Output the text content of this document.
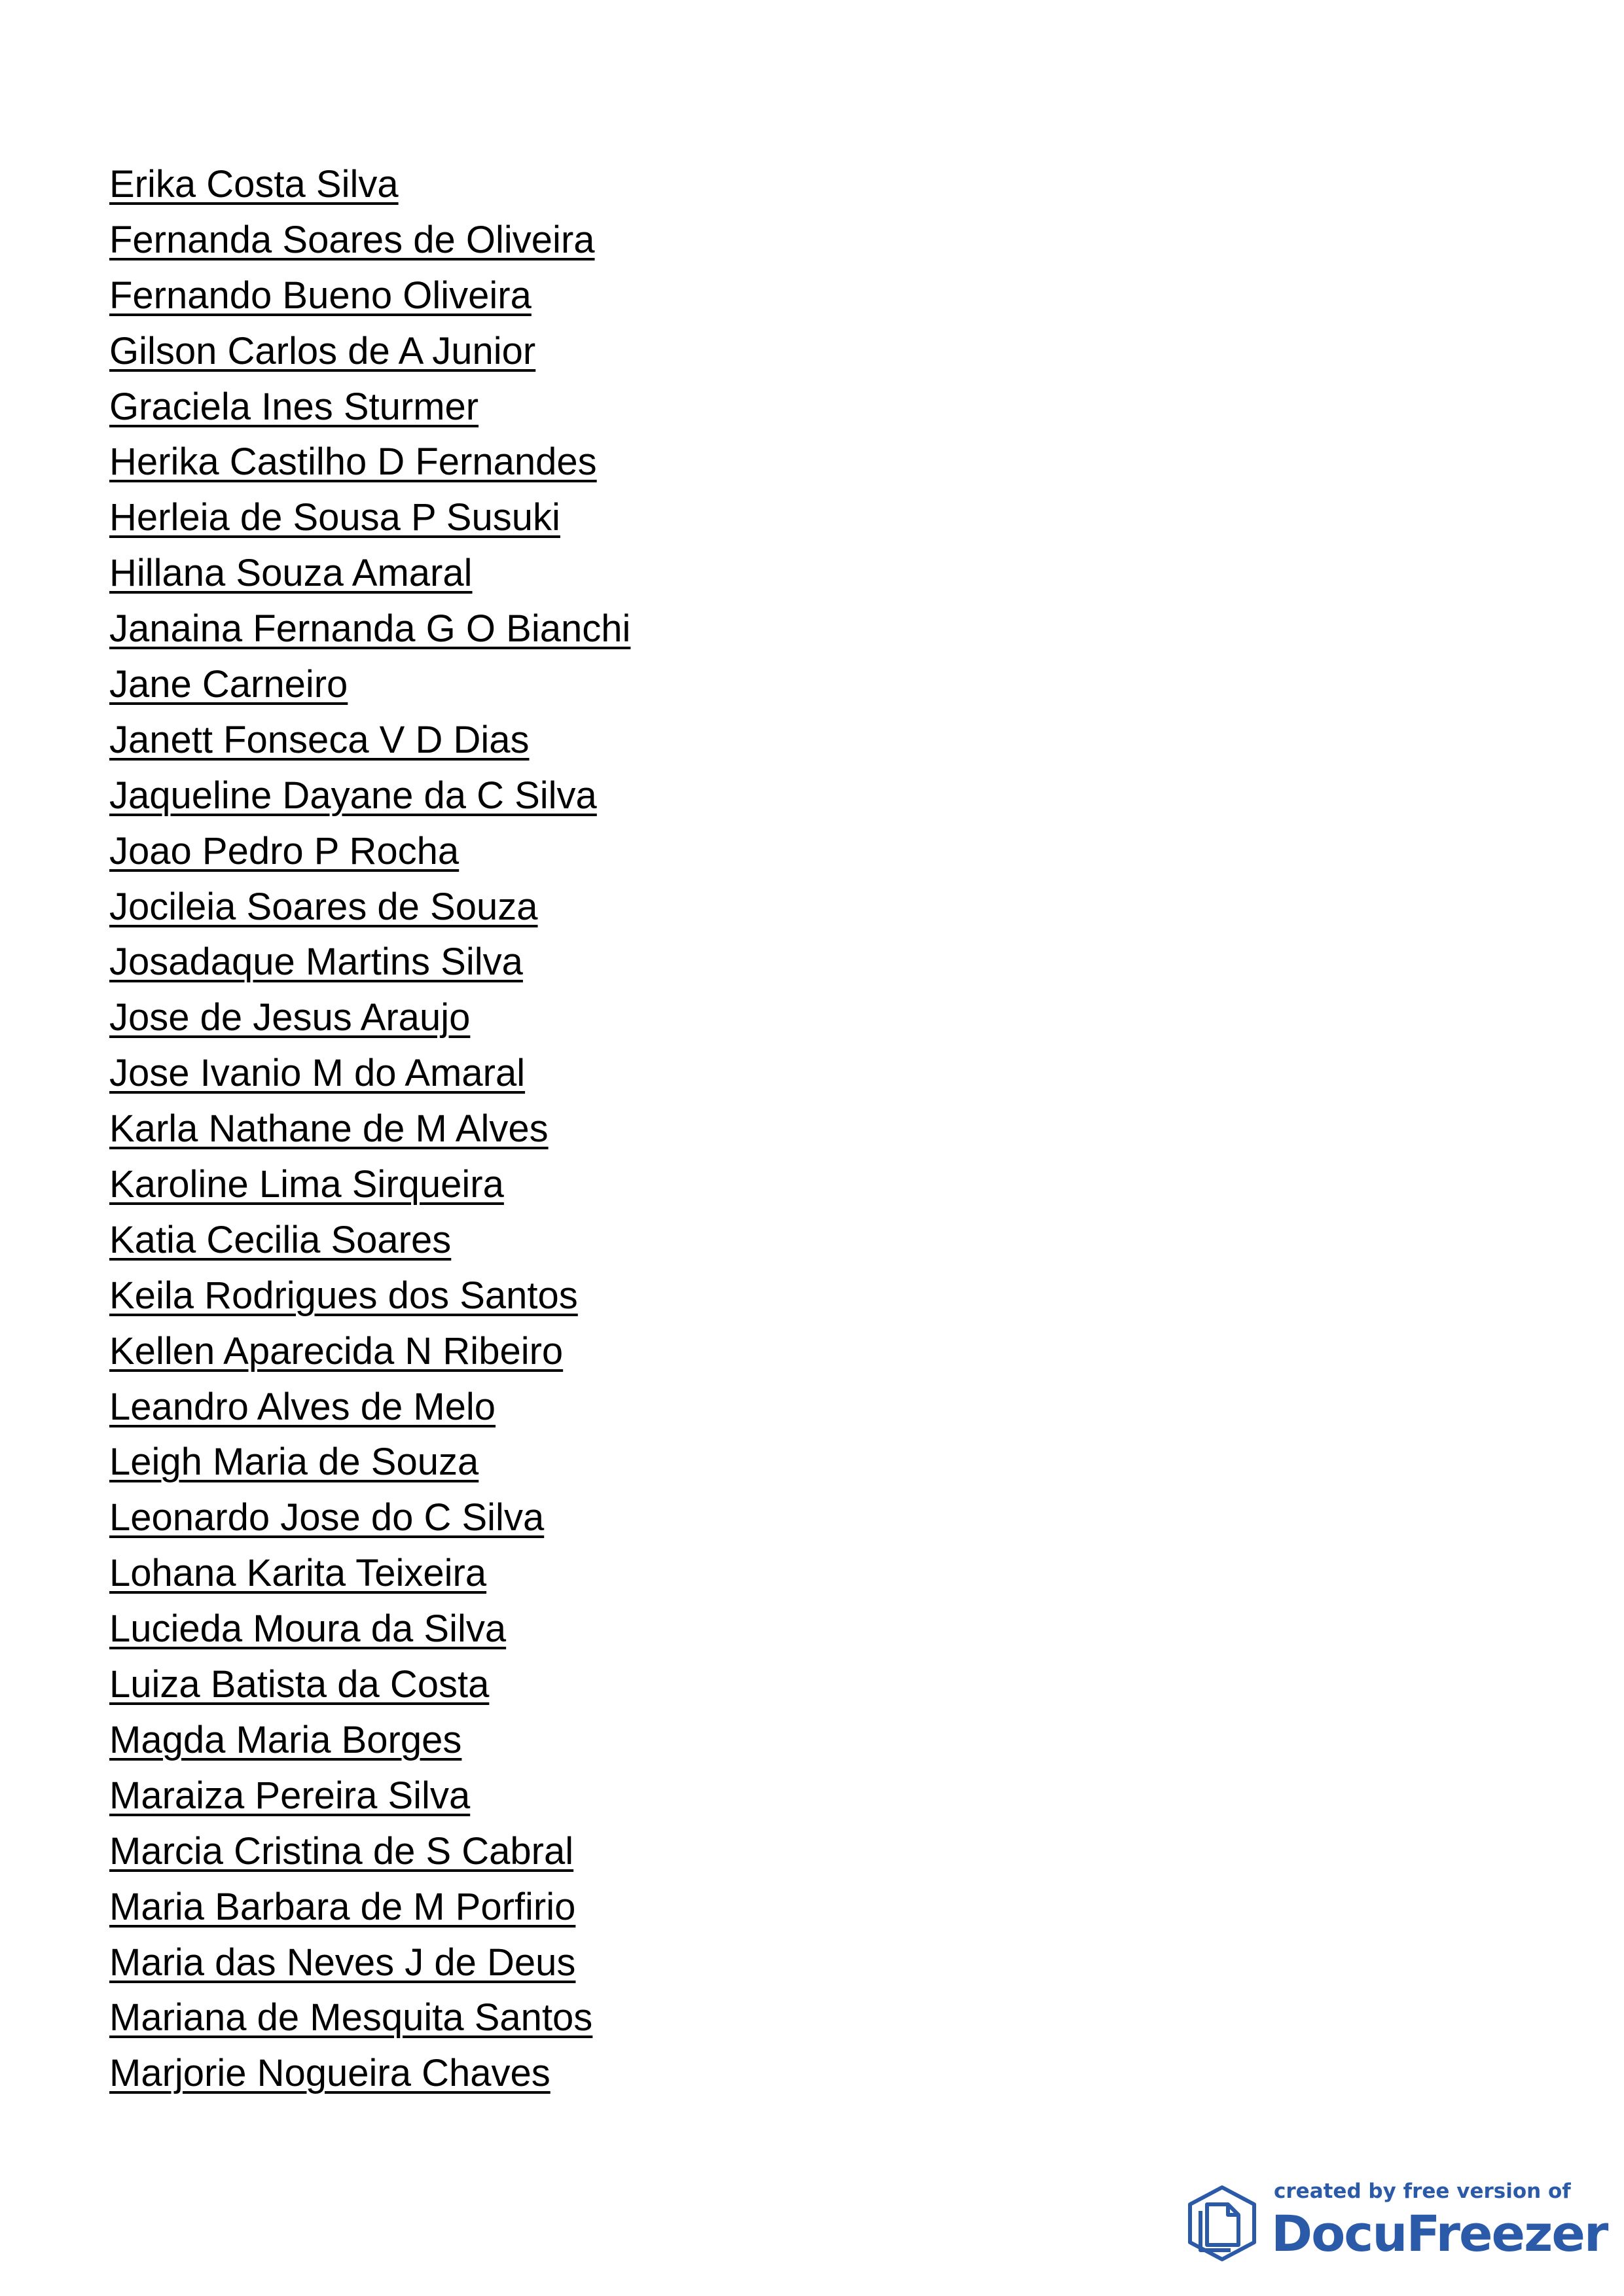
Erika Costa Silva
Fernanda Soares de Oliveira
Fernando Bueno Oliveira
Gilson Carlos de A Junior
Graciela Ines Sturmer
Herika Castilho D Fernandes
Herleia de Sousa P Susuki
Hillana Souza Amaral
Janaina Fernanda G O Bianchi
Jane Carneiro
Janett Fonseca V D Dias
Jaqueline Dayane da C Silva
Joao Pedro P Rocha
Jocileia Soares de Souza
Josadaque Martins Silva
Jose de Jesus Araujo
Jose Ivanio M do Amaral
Karla Nathane de M Alves
Karoline Lima Sirqueira
Katia Cecilia Soares
Keila Rodrigues dos Santos
Kellen Aparecida N Ribeiro
Leandro Alves de Melo
Leigh Maria de Souza
Leonardo Jose do C Silva
Lohana Karita Teixeira
Lucieda Moura da Silva
Luiza Batista da Costa
Magda Maria Borges
Maraiza Pereira Silva
Marcia Cristina de S Cabral
Maria Barbara de M Porfirio
Maria das Neves J de Deus
Mariana de Mesquita Santos
Marjorie Nogueira Chaves
created by free version of
DocuFreezer
